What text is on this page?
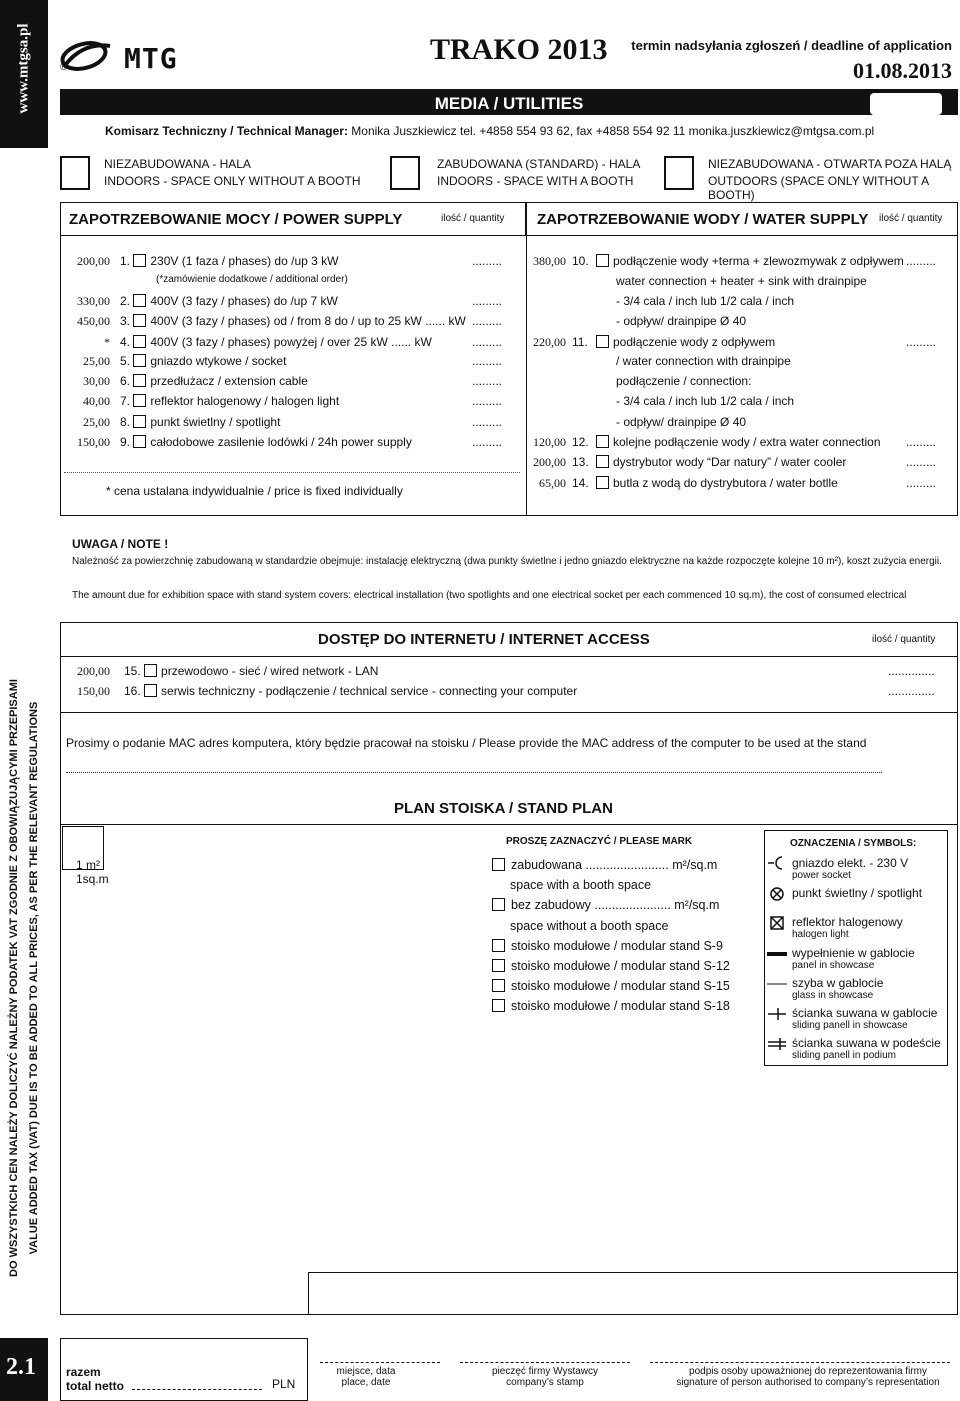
www.mtgsa.pl	MTG
®
TRAKO 2013 termin nadsyłania zgłoszeń / deadline of application
01.08.2013
MEDIA / UTILITIES
Komisarz Techniczny / Technical Manager: Monika Juszkiewicz tel. +4858 554 93 62, fax +4858 554 92 11 monika.juszkiewicz@mtgsa.com.pl
NIEZABUDOWANA - HALA
INDOORS - SPACE ONLY WITHOUT A BOOTH
ZABUDOWANA (STANDARD) - HALA
INDOORS - SPACE WITH A BOOTH
NIEZABUDOWANA - OTWARTA POZA HALĄ
OUTDOORS (SPACE ONLY WITHOUT A BOOTH)
ZAPOTRZEBOWANIE MOCY / POWER SUPPLY	ilość / quantity ZAPOTRZEBOWANIE WODY / WATER SUPPLY ilość / quantity
200,00 1. 230V (1 faza / phases) do /up 3 kW	.........
(*zamówienie dodatkowe / additional order)
330,00 2. 400V (3 fazy / phases) do /up 7 kW	.........
450,00 3. 400V (3 fazy / phases) od / from 8 do / up to 25 kW ...... kW .........
* 4. 400V (3 fazy / phases) powyżej / over 25 kW ...... kW	.........
25,00 5. gniazdo wtykowe / socket	.........
30,00 6. przedłużacz / extension cable	.........
40,00 7. reflektor halogenowy / halogen light	.........
25,00 8. punkt świetlny / spotlight	.........
150,00 9. całodobowe zasilenie lodówki / 24h power supply	.........
* cena ustalana indywidualnie / price is fixed individually
380,00 10.	podłączenie wody +terma + zlewozmywak z odpływem .........
water connection + heater + sink with drainpipe
- 3/4 cala / inch lub 1/2 cala / inch
- odpływ/ drainpipe Ø 40
220,00 11.	podłączenie wody z odpływem	.........
/ water connection with drainpipe
podłączenie / connection:
- 3/4 cala / inch lub 1/2 cala / inch
- odpływ/ drainpipe Ø 40
120,00 12.	kolejne podłączenie wody / extra water connection .........
200,00 13.	dystrybutor wody “Dar natury” / water cooler	.........
65,00 14.	butla z wodą do dystrybutora / water botlle	.........
UWAGA / NOTE !
Należność za powierzchnię zabudowaną w standardzie obejmuje: instalację elektryczną (dwa punkty świetlne i jedno gniazdo elektryczne na każde rozpoczęte kolejne 10 m²), koszt zużycia energii.
The amount due for exhibition space with stand system covers: electrical installation (two spotlights and one electrical socket per each commenced 10 sq.m), the cost of consumed electrical
DO WSZYSTKICH CEN NALEŻY DOLICZYĆ NALEŻNY PODATEK VAT ZGODNIE Z OBOWIĄZUJĄCYMI PRZEPISAMI VALUE ADDED TAX (VAT) DUE IS TO BE ADDED TO ALL PRICES, AS PER THE RELEVANT REGULATIONS
DOSTĘP DO INTERNETU / INTERNET ACCESS	ilość / quantity
200,00 15. przewodowo - sieć / wired network - LAN	..............
150,00 16. serwis techniczny - podłączenie / technical service - connecting your computer	..............
Prosimy o podanie MAC adres komputera, który będzie pracował na stoisku / Please provide the MAC address of the computer to be used at the stand
PLAN STOISKA / STAND PLAN
1 m²
1sq.m
PROSZĘ ZAZNACZYĆ / PLEASE MARK
zabudowana ........................ m²/sq.m
space with a booth space
bez zabudowy ...................... m²/sq.m
space without a booth space
stoisko modułowe / modular stand S-9
stoisko modułowe / modular stand S-12
stoisko modułowe / modular stand S-15
stoisko modułowe / modular stand S-18
OZNACZENIA / SYMBOLS:
gniazdo elekt. - 230 V
power socket
punkt świetlny / spotlight
reflektor halogenowy
halogen light
wypełnienie w gablocie
panel in showcase
szyba w gablocie
glass in showcase
ścianka suwana w gablocie
sliding panell in showcase
ścianka suwana w podeście
sliding panell in podium
2.1	razem
total netto	PLN
miejsce, data
place, date
pieczęć firmy Wystawcy
company’s stamp
podpis osoby upoważnionej do reprezentowania firmy
signature of person authorised to company’s representation
